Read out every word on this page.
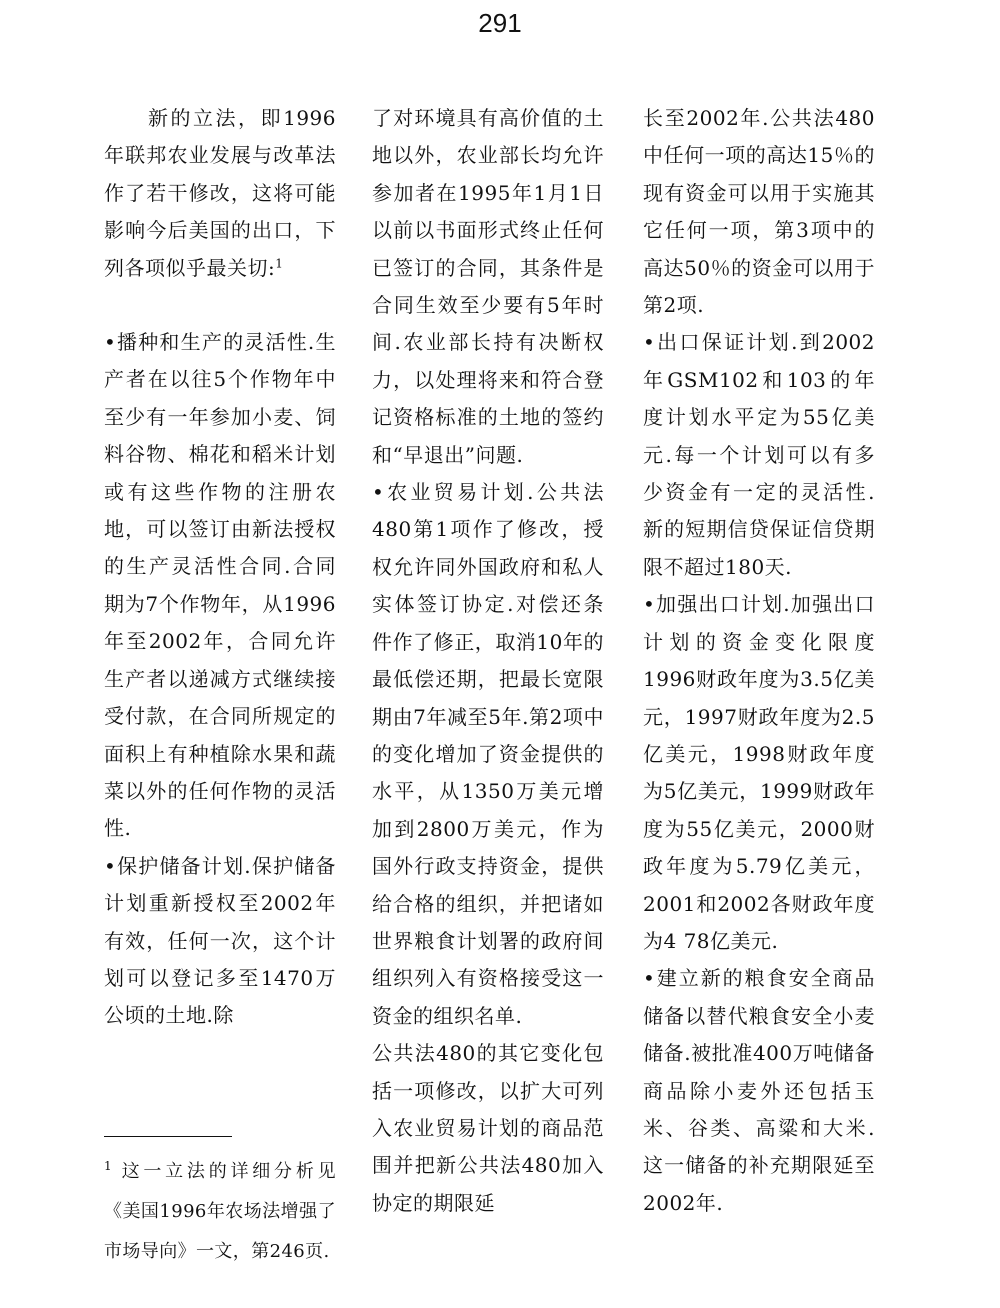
291

新的立法，即1996年联邦农业发展与改革法作了若干修改，这将可能影响今后美国的出口，下列各项似乎最关切:$^1$

•播种和生产的灵活性.生产者在以往5个作物年中至少有一年参加小麦、饲料谷物、棉花和稻米计划或有这些作物的注册农地，可以签订由新法授权的生产灵活性合同.合同期为7个作物年，从1996年至2002年，合同允许生产者以递减方式继续接受付款，在合同所规定的面积上有种植除水果和蔬菜以外的任何作物的灵活性.

•保护储备计划.保护储备计划重新授权至2002年有效，任何一次，这个计划可以登记多至1470万公顷的土地.除

了对环境具有高价值的土地以外，农业部长均允许参加者在1995年1月1日以前以书面形式终止任何已签订的合同，其条件是合同生效至少要有5年时间.农业部长持有决断权力，以处理将来和符合登记资格标准的土地的签约和“早退出”问题.

•农业贸易计划.公共法480第1项作了修改，授权允许同外国政府和私人实体签订协定.对偿还条件作了修正，取消10年的最低偿还期，把最长宽限期由7年减至5年.第2项中的变化增加了资金提供的水平，从1350万美元增加到2800万美元，作为国外行政支持资金，提供给合格的组织，并把诸如世界粮食计划署的政府间组织列入有资格接受这一资金的组织名单.

公共法480的其它变化包括一项修改，以扩大可列入农业贸易计划的商品范围并把新公共法480加入协定的期限延

长至2002年.公共法480中任何一项的高达15％的现有资金可以用于实施其它任何一项，第3项中的高达50％的资金可以用于第2项.

•出口保证计划.到2002年GSM102和103的年度计划水平定为55亿美元.每一个计划可以有多少资金有一定的灵活性.新的短期信贷保证信贷期限不超过180天.

•加强出口计划.加强出口计划的资金变化限度1996财政年度为3.5亿美元，1997财政年度为2.5亿美元，1998财政年度为5亿美元，1999财政年度为55亿美元，2000财政年度为5.79亿美元，2001和2002各财政年度为4 78亿美元.

•建立新的粮食安全商品储备以替代粮食安全小麦储备.被批准400万吨储备商品除小麦外还包括玉米、谷类、高粱和大米.这一储备的补充期限延至2002年.

$^1$ 这一立法的详细分析见《美国1996年农场法增强了市场导向》一文，第246页.
